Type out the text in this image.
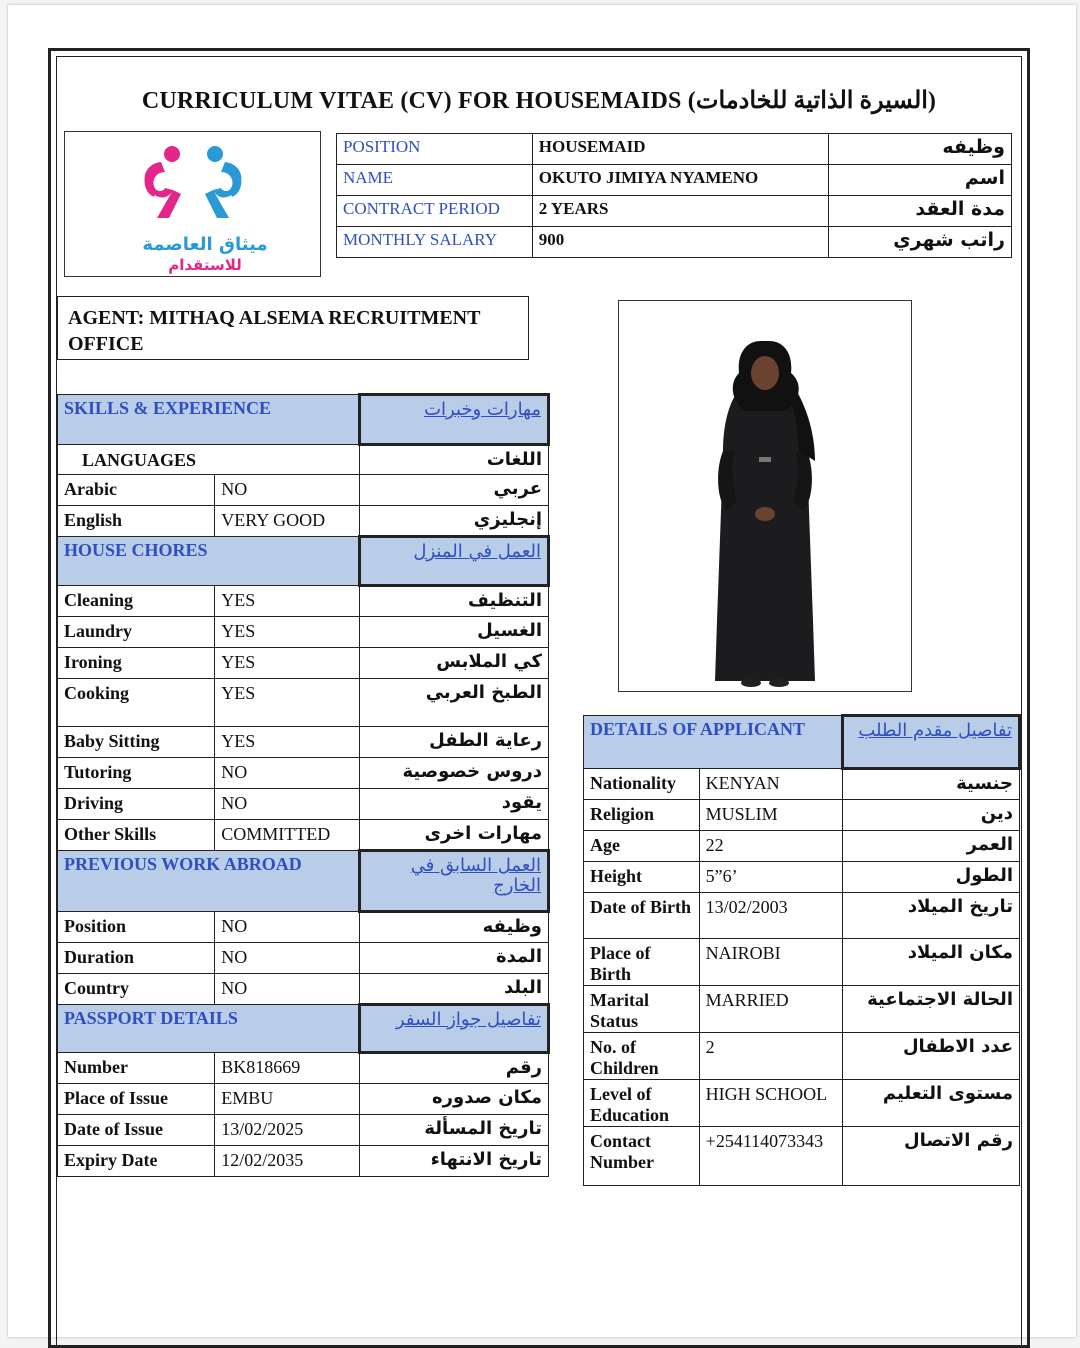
CURRICULUM VITAE (CV) FOR HOUSEMAIDS (السيرة الذاتية للخادمات)
ميثاق العاصمة
للاستقدام
POSITION	HOUSEMAID	وظيفه
NAME	OKUTO JIMIYA NYAMENO	اسم
CONTRACT PERIOD	2 YEARS	مدة العقد
MONTHLY SALARY	900	راتب شهري
AGENT: MITHAQ ALSEMA RECRUITMENT OFFICE
SKILLS & EXPERIENCE		مهارات وخبرات
LANGUAGES		اللغات
Arabic	NO	عربي
English	VERY GOOD	إنجليزي
HOUSE CHORES		العمل في المنزل
Cleaning	YES	التنظيف
Laundry	YES	الغسيل
Ironing	YES	كي الملابس
Cooking	YES	الطبخ العربي
Baby Sitting	YES	رعاية الطفل
Tutoring	NO	دروس خصوصية
Driving	NO	يقود
Other Skills	COMMITTED	مهارات اخرى
PREVIOUS WORK ABROAD		العمل السابق في الخارج
Position	NO	وظيفه
Duration	NO	المدة
Country	NO	البلد
PASSPORT DETAILS		تفاصيل جواز السفر
Number	BK818669	رقم
Place of Issue	EMBU	مكان صدوره
Date of Issue	13/02/2025	تاريخ المسألة
Expiry Date	12/02/2035	تاريخ الانتهاء
DETAILS OF APPLICANT		تفاصيل مقدم الطلب
Nationality	KENYAN	جنسية
Religion	MUSLIM	دين
Age	22	العمر
Height	5”6’	الطول
Date of Birth	13/02/2003	تاريخ الميلاد
Place of Birth	NAIROBI	مكان الميلاد
Marital Status	MARRIED	الحالة الاجتماعية
No. of Children	2	عدد الاطفال
Level of Education	HIGH SCHOOL	مستوى التعليم
Contact Number	+254114073343	رقم الاتصال
